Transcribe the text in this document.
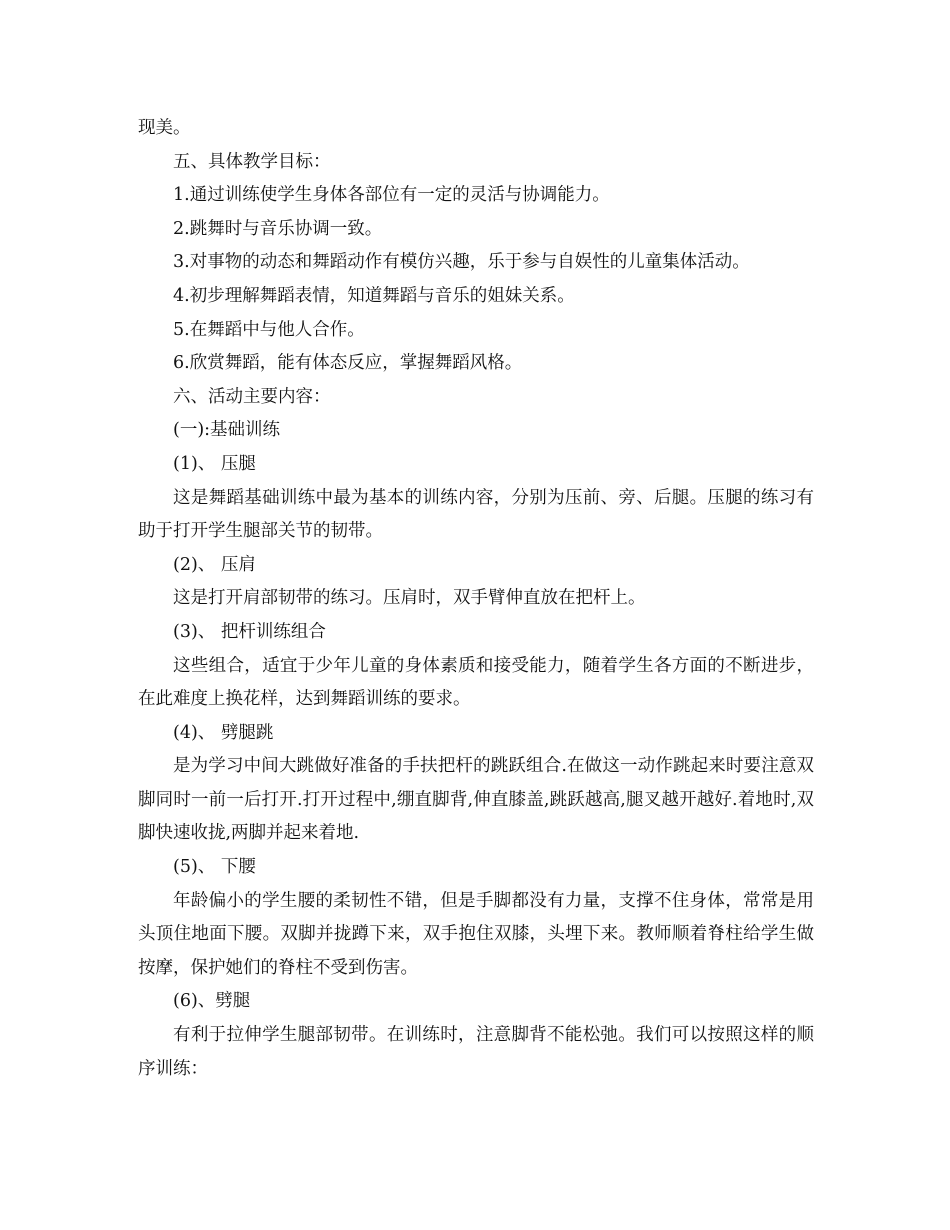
现美。
五、具体教学目标：
1.通过训练使学生身体各部位有一定的灵活与协调能力。
2.跳舞时与音乐协调一致。
3.对事物的动态和舞蹈动作有模仿兴趣，乐于参与自娱性的儿童集体活动。
4.初步理解舞蹈表情，知道舞蹈与音乐的姐妹关系。
5.在舞蹈中与他人合作。
6.欣赏舞蹈，能有体态反应，掌握舞蹈风格。
六、活动主要内容：
(一):基础训练
(1)、 压腿

这是舞蹈基础训练中最为基本的训练内容，分别为压前、旁、后腿。压腿的练习有助于打开学生腿部关节的韧带。

(2)、 压肩
这是打开肩部韧带的练习。压肩时，双手臂伸直放在把杆上。
(3)、 把杆训练组合

这些组合，适宜于少年儿童的身体素质和接受能力，随着学生各方面的不断进步，在此难度上换花样，达到舞蹈训练的要求。

(4)、 劈腿跳

是为学习中间大跳做好准备的手扶把杆的跳跃组合.在做这一动作跳起来时要注意双脚同时一前一后打开.打开过程中,绷直脚背,伸直膝盖,跳跃越高,腿叉越开越好.着地时,双脚快速收拢,两脚并起来着地.

(5)、 下腰

年龄偏小的学生腰的柔韧性不错，但是手脚都没有力量，支撑不住身体，常常是用头顶住地面下腰。双脚并拢蹲下来，双手抱住双膝，头埋下来。教师顺着脊柱给学生做按摩，保护她们的脊柱不受到伤害。

(6)、劈腿

有利于拉伸学生腿部韧带。在训练时，注意脚背不能松弛。我们可以按照这样的顺序训练：
